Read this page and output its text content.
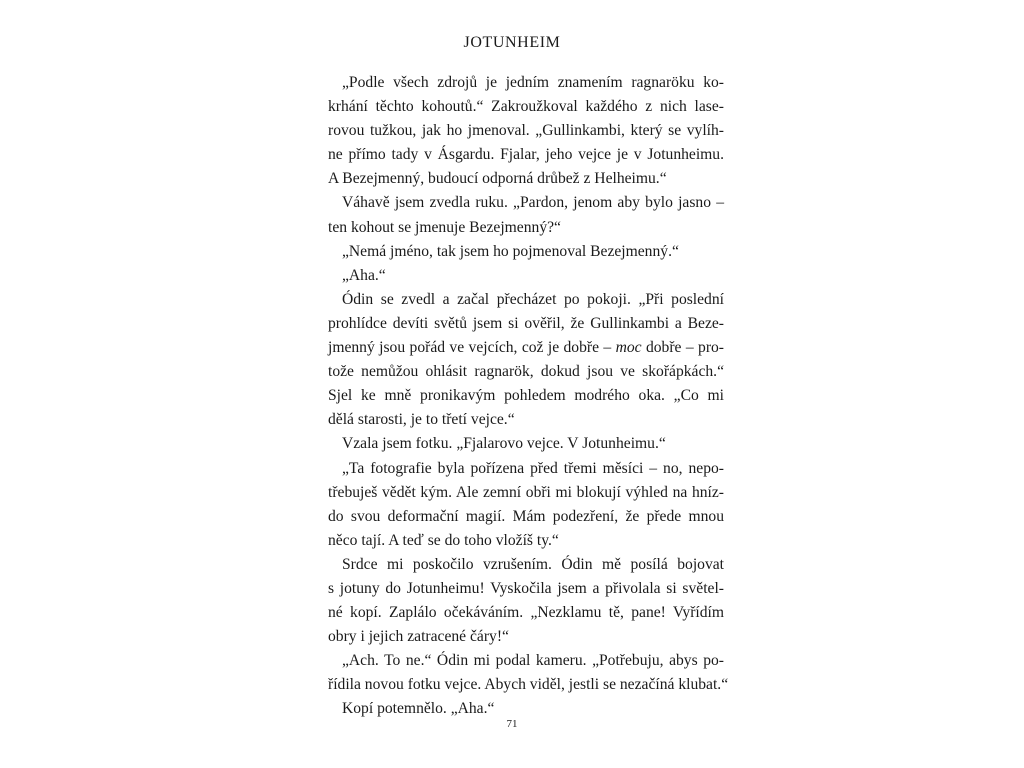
JOTUNHEIM
„Podle všech zdrojů je jedním znamením ragnaröku ko-
krhání těchto kohoutů.“ Zakroužkoval každého z nich lase-
rovou tužkou, jak ho jmenoval. „Gullinkambi, který se vylíh-
ne přímo tady v Ásgardu. Fjalar, jeho vejce je v Jotunheimu.
A Bezejmenný, budoucí odporná drůbež z Helheimu.“
Váhavě jsem zvedla ruku. „Pardon, jenom aby bylo jasno –
ten kohout se jmenuje Bezejmenný?“
„Nemá jméno, tak jsem ho pojmenoval Bezejmenný.“
„Aha.“
Ódin se zvedl a začal přecházet po pokoji. „Při poslední
prohlídce devíti světů jsem si ověřil, že Gullinkambi a Beze-
jmenný jsou pořád ve vejcích, což je dobře – moc dobře – pro-
tože nemůžou ohlásit ragnarök, dokud jsou ve skořápkách.“
Sjel ke mně pronikavým pohledem modrého oka. „Co mi
dělá starosti, je to třetí vejce.“
Vzala jsem fotku. „Fjalarovo vejce. V Jotunheimu.“
„Ta fotografie byla pořízena před třemi měsíci – no, nepo-
třebuješ vědět kým. Ale zemní obři mi blokují výhled na hníz-
do svou deformační magií. Mám podezření, že přede mnou
něco tají. A teď se do toho vložíš ty.“
Srdce mi poskočilo vzrušením. Ódin mě posílá bojovat
s jotuny do Jotunheimu! Vyskočila jsem a přivolala si světel-
né kopí. Zaplálo očekáváním. „Nezklamu tě, pane! Vyřídím
obry i jejich zatracené čáry!“
„Ach. To ne.“ Ódin mi podal kameru. „Potřebuju, abys po-
řídila novou fotku vejce. Abych viděl, jestli se nezačíná klubat.“
Kopí potemnělo. „Aha.“
71
